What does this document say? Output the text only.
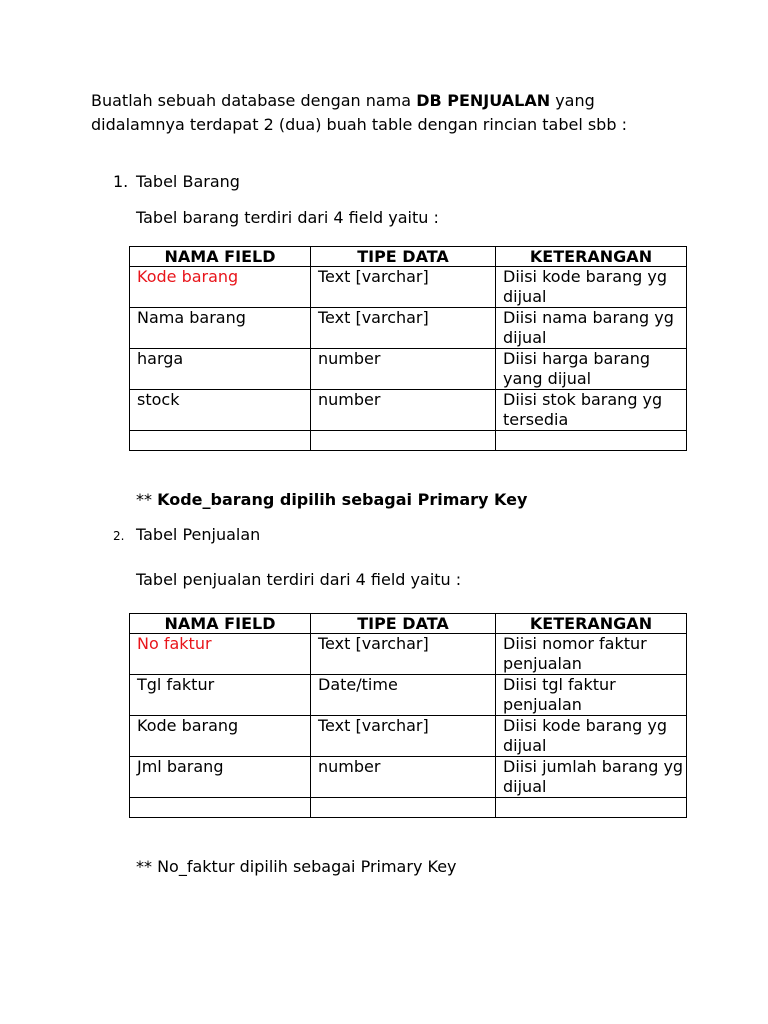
Buatlah sebuah database dengan nama DB PENJUALAN yang didalamnya terdapat 2 (dua) buah table dengan rincian tabel sbb :
1. Tabel Barang
Tabel barang terdiri dari 4 field yaitu :
NAMA FIELD	TIPE DATA	KETERANGAN
Kode barang	Text [varchar]	Diisi kode barang yg dijual
Nama barang	Text [varchar]	Diisi nama barang yg dijual
harga	number	Diisi harga barang yang dijual
stock	number	Diisi stok barang yg tersedia

** Kode_barang dipilih sebagai Primary Key
2. Tabel Penjualan
Tabel penjualan terdiri dari 4 field yaitu :
NAMA FIELD	TIPE DATA	KETERANGAN
No faktur	Text [varchar]	Diisi nomor faktur penjualan
Tgl faktur	Date/time	Diisi tgl faktur penjualan
Kode barang	Text [varchar]	Diisi kode barang yg dijual
Jml barang	number	Diisi jumlah barang yg dijual

** No_faktur dipilih sebagai Primary Key
